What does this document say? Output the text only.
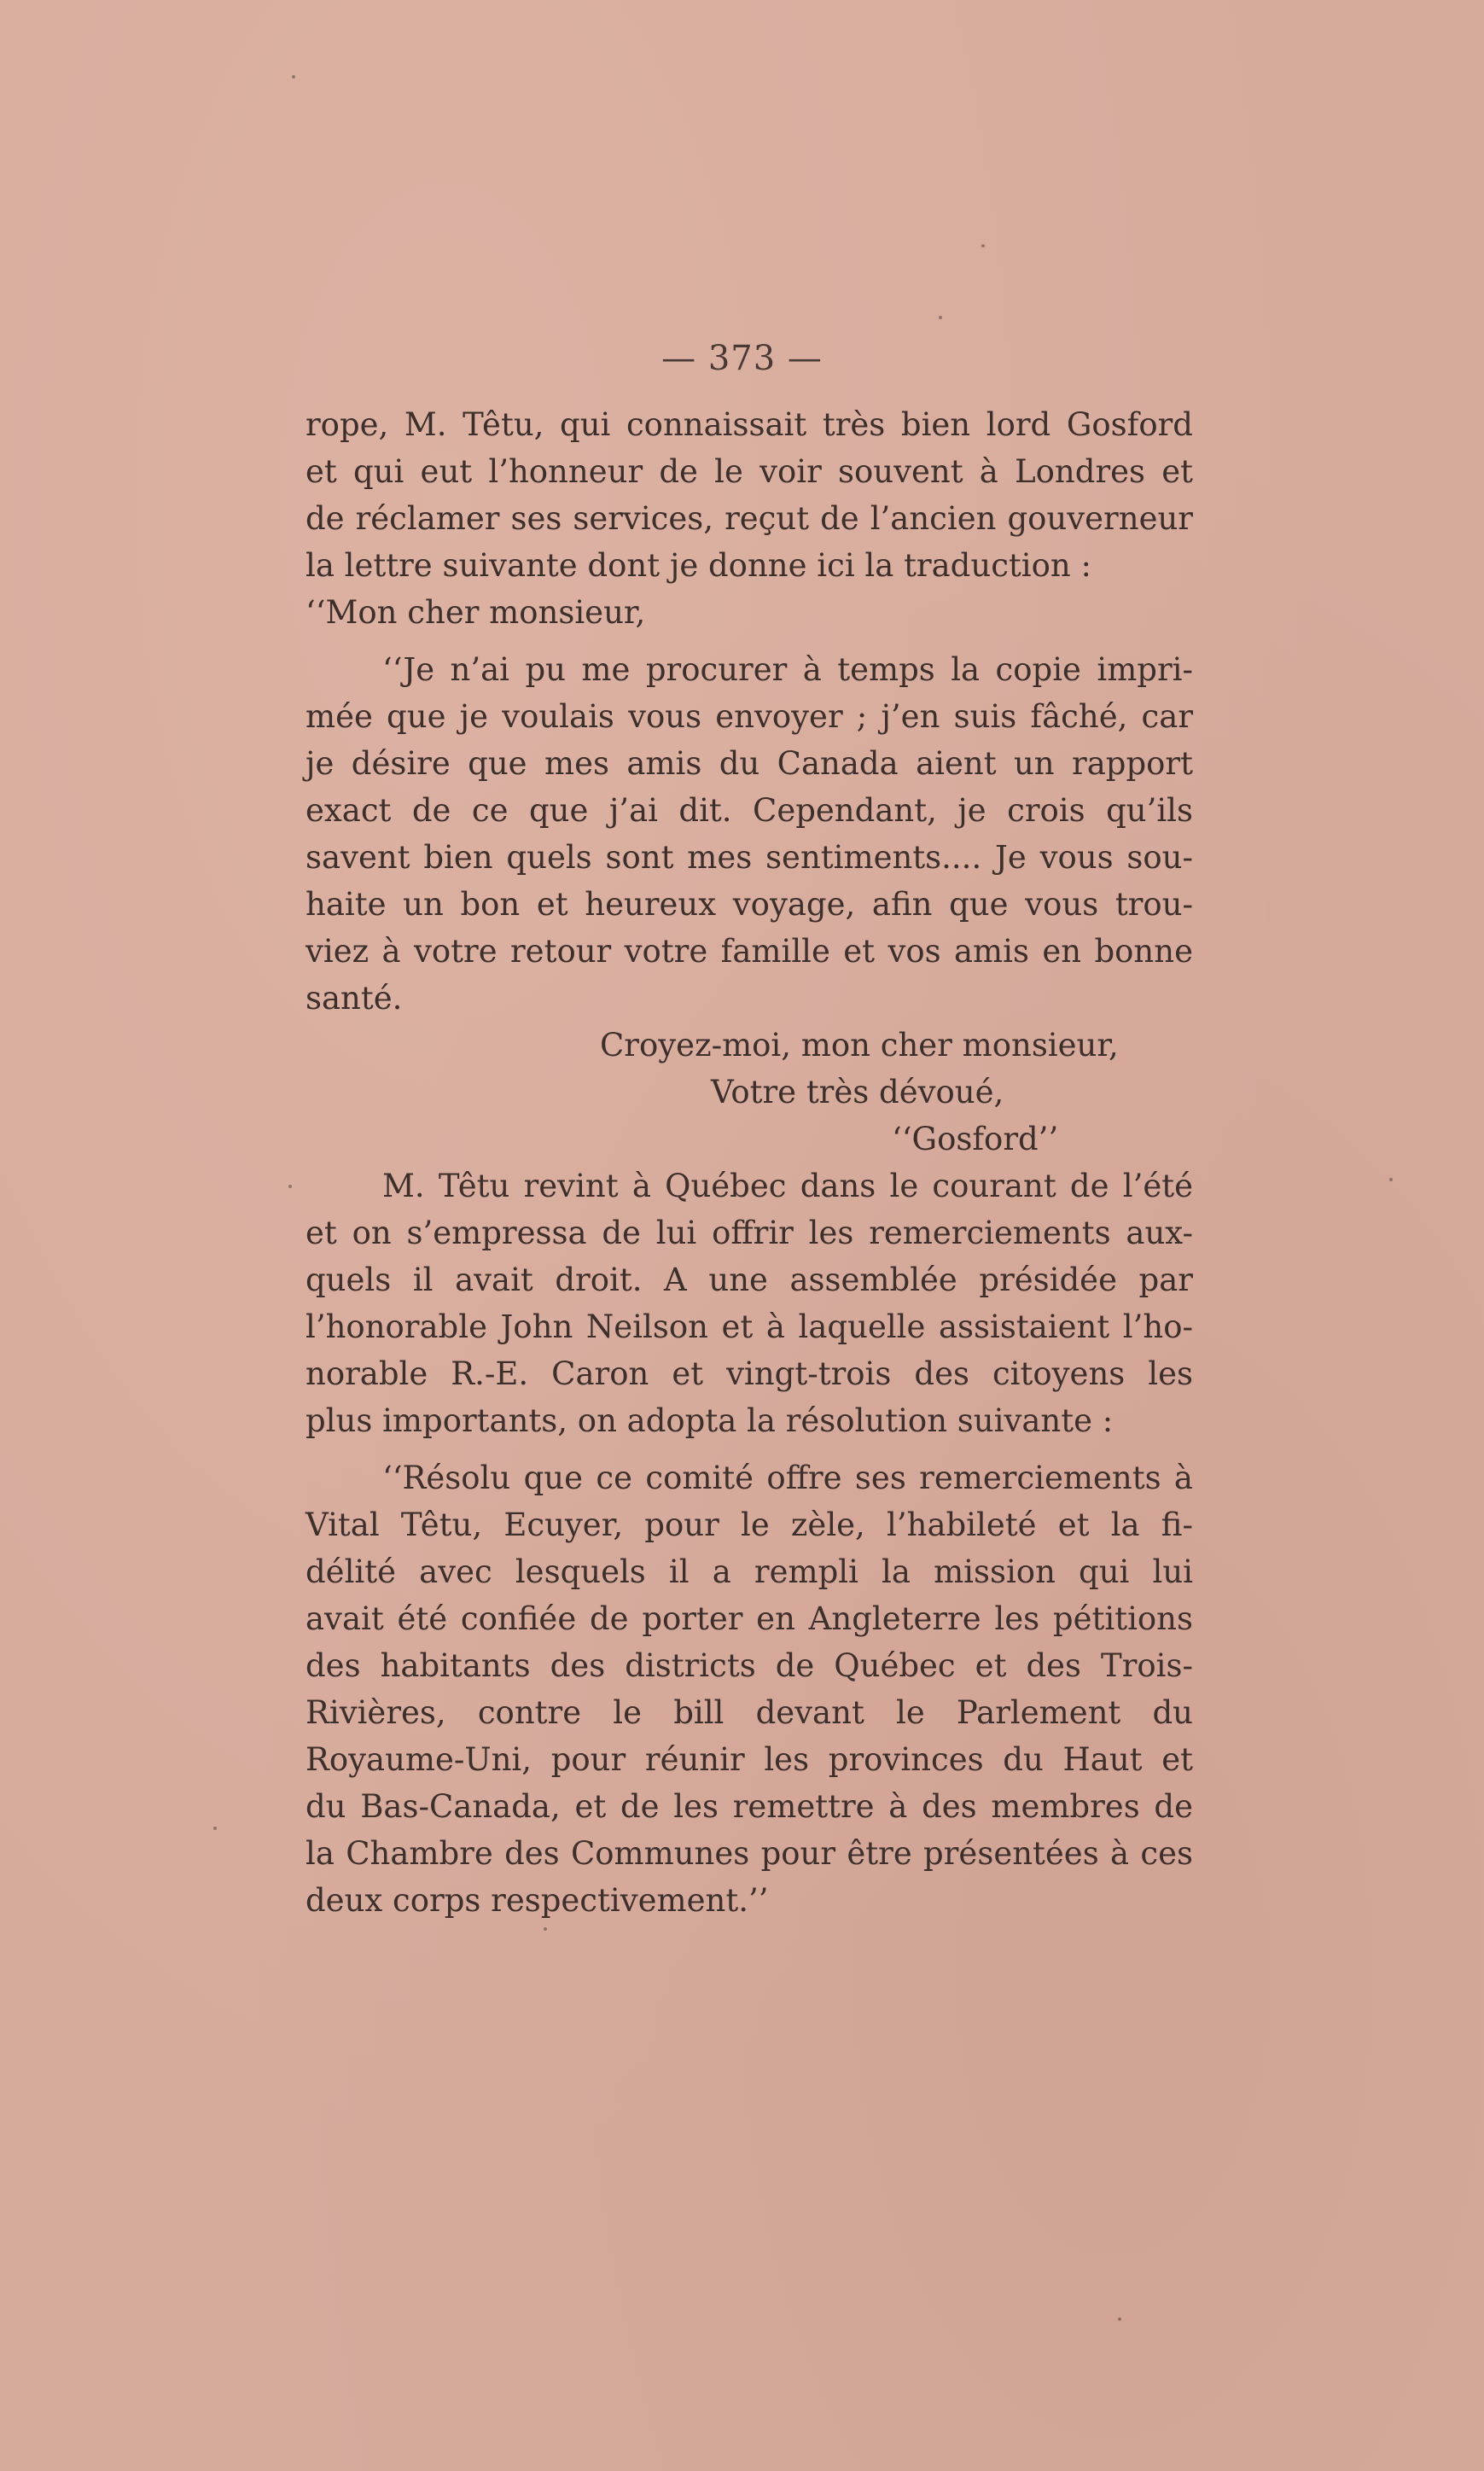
— 373 —
rope, M. Têtu, qui connaissait très bien lord Gosford
et qui eut l’honneur de le voir souvent à Londres et
de réclamer ses services, reçut de l’ancien gouverneur
la lettre suivante dont je donne ici la traduction :
‘‘Mon cher monsieur,
‘‘Je n’ai pu me procurer à temps la copie impri-
mée que je voulais vous envoyer ; j’en suis fâché, car
je désire que mes amis du Canada aient un rapport
exact de ce que j’ai dit. Cependant, je crois qu’ils
savent bien quels sont mes sentiments.... Je vous sou-
haite un bon et heureux voyage, afin que vous trou-
viez à votre retour votre famille et vos amis en bonne
santé.
Croyez-moi, mon cher monsieur,
Votre très dévoué,
‘‘Gosford’’
M. Têtu revint à Québec dans le courant de l’été
et on s’empressa de lui offrir les remerciements aux-
quels il avait droit. A une assemblée présidée par
l’honorable John Neilson et à laquelle assistaient l’ho-
norable R.-E. Caron et vingt-trois des citoyens les
plus importants, on adopta la résolution suivante :
‘‘Résolu que ce comité offre ses remerciements à
Vital Têtu, Ecuyer, pour le zèle, l’habileté et la fi-
délité avec lesquels il a rempli la mission qui lui
avait été confiée de porter en Angleterre les pétitions
des habitants des districts de Québec et des Trois-
Rivières, contre le bill devant le Parlement du
Royaume-Uni, pour réunir les provinces du Haut et
du Bas-Canada, et de les remettre à des membres de
la Chambre des Communes pour être présentées à ces
deux corps respectivement.’’
